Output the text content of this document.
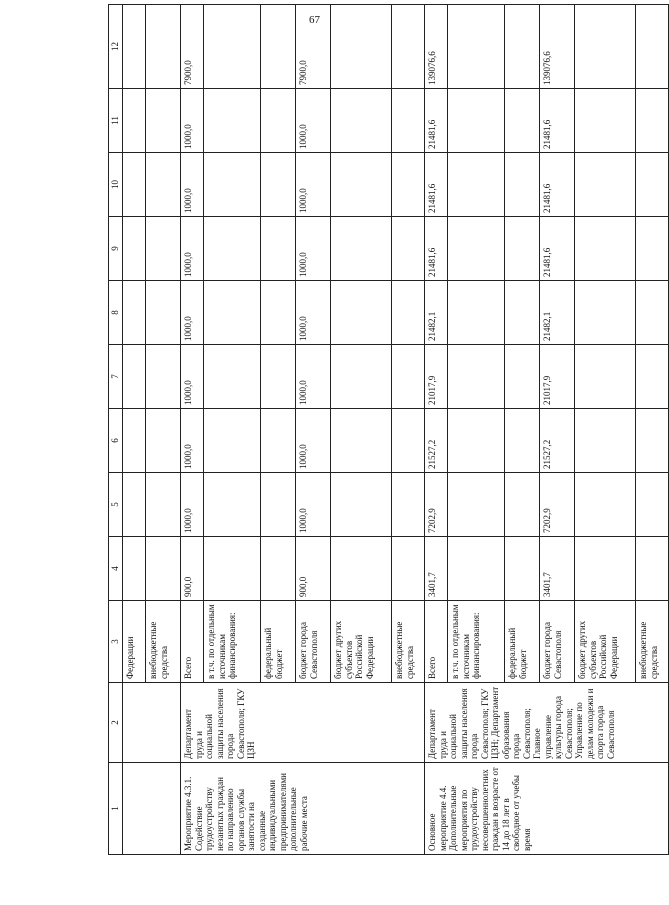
67
1	2	3	4	5	6	7	8	9	10	11	12
		Федерации									
		внебюджетные средства									
Мероприятие 4.3.1. Содействие трудоустройству незанятых граждан по направлению органов службы занятости на созданные индивидуальными предпринимателями дополнительные рабочие места	Департамент труда и социальной защиты населения города Севастополя; ГКУ ЦЗН	Всего	900,0	1000,0	1000,0	1000,0	1000,0	1000,0	1000,0	1000,0	7900,0
		в т.ч. по отдельным источникам финансирования:									
		федеральный бюджет									
		бюджет города Севастополя	900,0	1000,0	1000,0	1000,0	1000,0	1000,0	1000,0	1000,0	7900,0
		бюджет других субъектов Российской Федерации									
		внебюджетные средства									
Основное мероприятие 4.4. Дополнительные мероприятия по трудоустройству несовершеннолетних граждан в возрасте от 14 до 18 лет в свободное от учебы время	Департамент труда и социальной защиты населения города Севастополя; ГКУ ЦЗН; Департамент образования города Севастополя; Главное управление культуры города Севастополя; Управление по делам молодежи и спорта города Севастополя	Всего	3401,7	7202,9	21527,2	21017,9	21482,1	21481,6	21481,6	21481,6	139076,6
		в т.ч. по отдельным источникам финансирования:									
		федеральный бюджет									
		бюджет города Севастополя	3401,7	7202,9	21527,2	21017,9	21482,1	21481,6	21481,6	21481,6	139076,6
		бюджет других субъектов Российской Федерации									
		внебюджетные средства									
